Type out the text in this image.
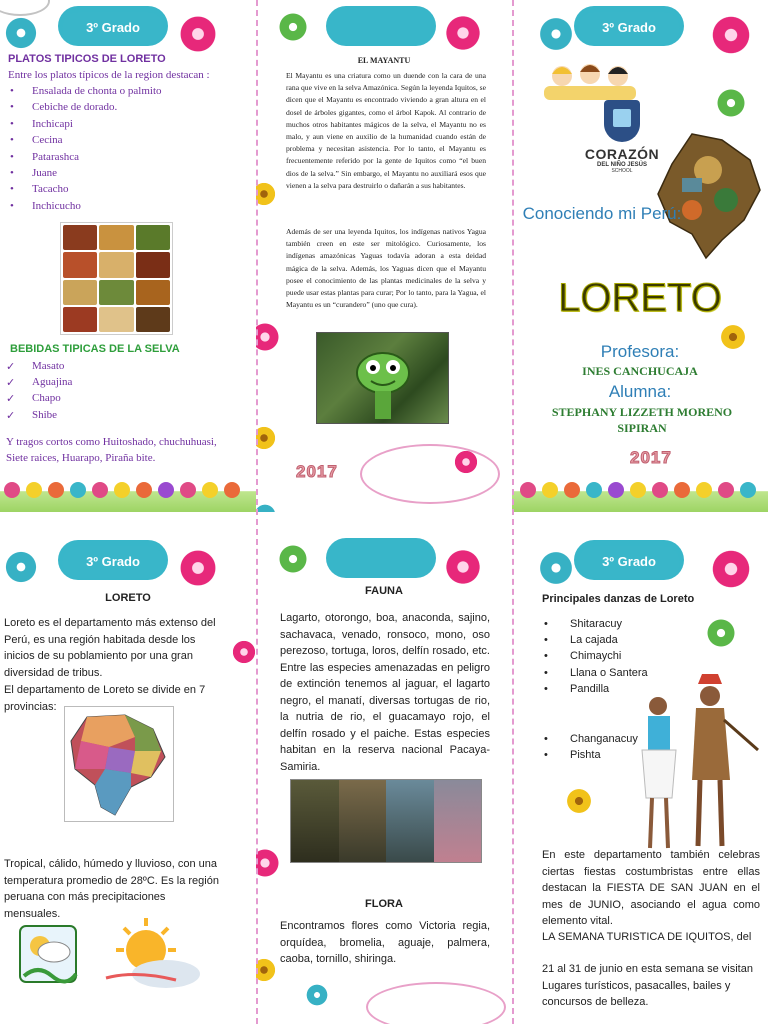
3º Grado
PLATOS TIPICOS DE LORETO
Entre los platos típicos de la region destacan :
• Ensalada de chonta o palmito
• Cebiche de dorado.
• Inchicapi
• Cecina
• Patarashca
• Juane
• Tacacho
• Inchicucho
BEBIDAS TIPICAS DE LA SELVA
✓ Masato
✓ Aguajina
✓ Chapo
✓ Shibe
Y tragos cortos como Huitoshado, chuchuhuasi, Siete raices, Huarapo, Piraña bite.
EL MAYANTU
El Mayantu es una criatura como un duende con la cara de una rana que vive en la selva Amazónica. Según la leyenda Iquitos, se dicen que el Mayantu es encontrado viviendo a gran altura en el dosel de árboles gigantes, como el árbol Kapok. Al contrario de muchos otros habitantes mágicos de la selva, el Mayantu no es malo, y aun viene en auxilio de la humanidad cuando están de problema y necesitan asistencia. Por lo tanto, el Mayantu es frecuentemente referido por la gente de Iquitos como “el buen dios de la selva.” Sin embargo, el Mayantu no auxiliará esos que vienen a la selva para destruirlo o dañarán a sus habitantes.
Además de ser una leyenda Iquitos, los indígenas nativos Yagua también creen en este ser mitológico. Curiosamente, los indígenas amazónicas Yaguas todavía adoran a esta deidad mágica de la selva. Además, los Yaguas dicen que el Mayantu posee el conocimiento de las plantas medicinales de la selva y puede usar estas plantas para curar; Por lo tanto, para la Yagua, el Mayantu es un “curandero” (uno que cura).
2017
3º Grado
CORAZÓN
DEL NIÑO JESÚS
SCHOOL
Conociendo mi Perú:
LORETO
Profesora:
INES CANCHUCAJA
Alumna:
STEPHANY LIZZETH MORENO SIPIRAN
2017
3º Grado
LORETO
Loreto es el departamento más extenso del Perú, es una región habitada desde los inicios de su poblamiento por una gran diversidad de tribus.
El departamento de Loreto se divide en 7 provincias:
Tropical, cálido, húmedo y lluvioso, con una temperatura promedio de 28ºC. Es la región peruana con más precipitaciones mensuales.
FAUNA
Lagarto, otorongo, boa, anaconda, sajino, sachavaca, venado, ronsoco, mono, oso perezoso, tortuga, loros, delfín rosado, etc. Entre las especies amenazadas en peligro de extinción tenemos al jaguar, el lagarto negro, el manatí, diversas tortugas de rio, la nutria de rio, el guacamayo rojo, el delfín rosado y el paiche. Estas especies habitan en la reserva nacional Pacaya-Samiria.
FLORA
Encontramos flores como Victoria regia, orquídea, bromelia, aguaje, palmera, caoba, tornillo, shiringa.
3º Grado
Principales danzas de Loreto
• Shitaracuy
• La cajada
• Chimaychi
• Llana o Santera
• Pandilla
• Changanacuy
• Pishta
En este departamento también celebras ciertas fiestas costumbristas entre ellas destacan la FIESTA DE SAN JUAN en el mes de JUNIO, asociando el agua como elemento vital.
LA SEMANA TURISTICA DE IQUITOS, del
21 al 31 de junio en esta semana se visitan Lugares turísticos, pasacalles, bailes y concursos de belleza.
